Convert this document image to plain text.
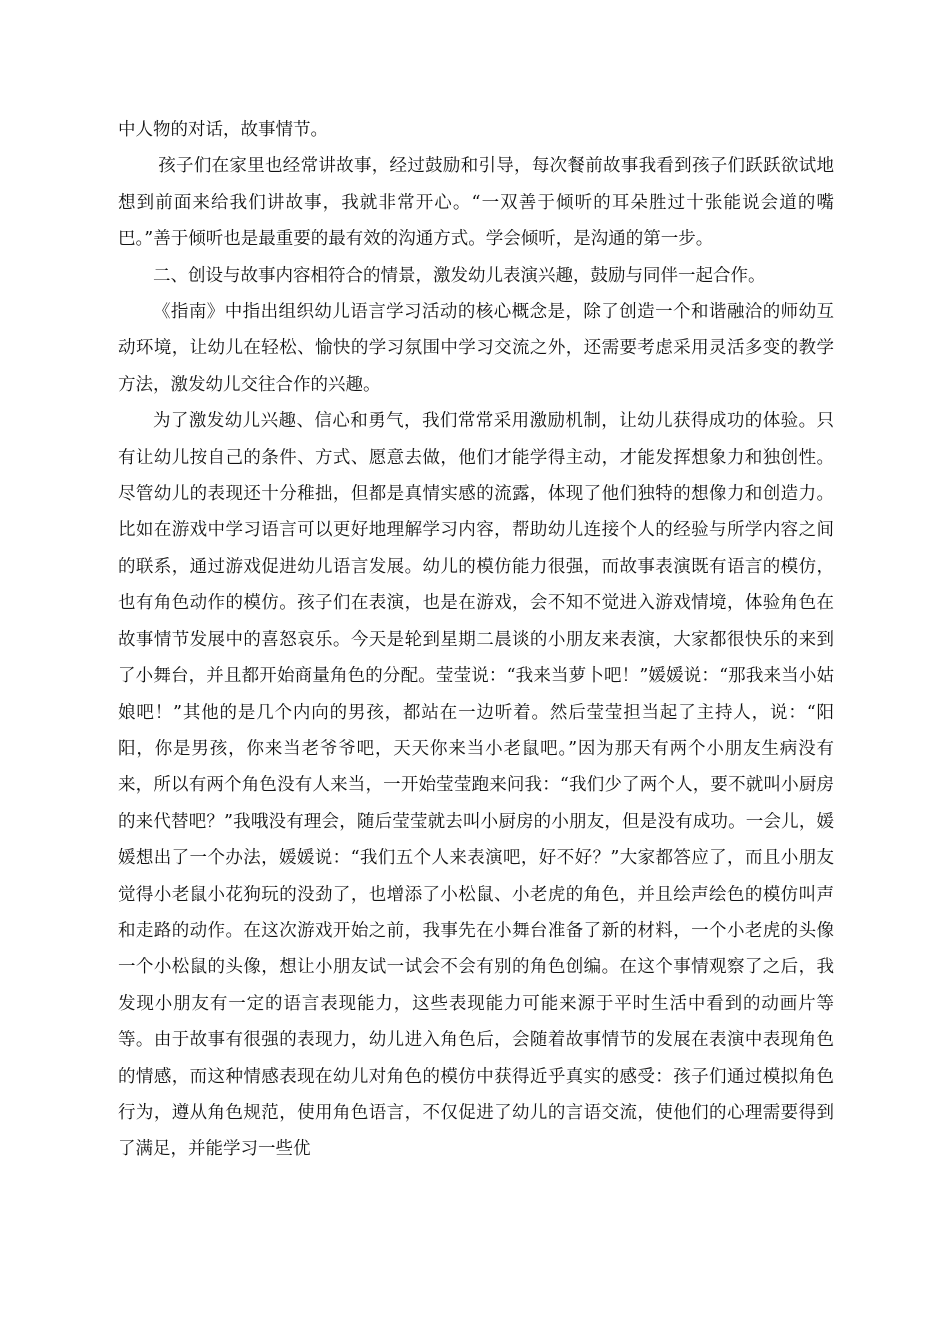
中人物的对话，故事情节。

孩子们在家里也经常讲故事，经过鼓励和引导，每次餐前故事我看到孩子们跃跃欲试地想到前面来给我们讲故事，我就非常开心。“一双善于倾听的耳朵胜过十张能说会道的嘴巴。”善于倾听也是最重要的最有效的沟通方式。学会倾听，是沟通的第一步。

二、创设与故事内容相符合的情景，激发幼儿表演兴趣，鼓励与同伴一起合作。

《指南》中指出组织幼儿语言学习活动的核心概念是，除了创造一个和谐融洽的师幼互动环境，让幼儿在轻松、愉快的学习氛围中学习交流之外，还需要考虑采用灵活多变的教学方法，激发幼儿交往合作的兴趣。

为了激发幼儿兴趣、信心和勇气，我们常常采用激励机制，让幼儿获得成功的体验。只有让幼儿按自己的条件、方式、愿意去做，他们才能学得主动，才能发挥想象力和独创性。尽管幼儿的表现还十分稚拙，但都是真情实感的流露，体现了他们独特的想像力和创造力。比如在游戏中学习语言可以更好地理解学习内容，帮助幼儿连接个人的经验与所学内容之间的联系，通过游戏促进幼儿语言发展。幼儿的模仿能力很强，而故事表演既有语言的模仿，也有角色动作的模仿。孩子们在表演，也是在游戏，会不知不觉进入游戏情境，体验角色在故事情节发展中的喜怒哀乐。今天是轮到星期二晨谈的小朋友来表演，大家都很快乐的来到了小舞台，并且都开始商量角色的分配。莹莹说：“我来当萝卜吧！”媛媛说：“那我来当小姑娘吧！”其他的是几个内向的男孩，都站在一边听着。然后莹莹担当起了主持人，说：“阳阳，你是男孩，你来当老爷爷吧，天天你来当小老鼠吧。”因为那天有两个小朋友生病没有来，所以有两个角色没有人来当，一开始莹莹跑来问我：“我们少了两个人，要不就叫小厨房的来代替吧？”我哦没有理会，随后莹莹就去叫小厨房的小朋友，但是没有成功。一会儿，媛媛想出了一个办法，媛媛说：“我们五个人来表演吧，好不好？”大家都答应了，而且小朋友觉得小老鼠小花狗玩的没劲了，也增添了小松鼠、小老虎的角色，并且绘声绘色的模仿叫声和走路的动作。在这次游戏开始之前，我事先在小舞台准备了新的材料，一个小老虎的头像一个小松鼠的头像，想让小朋友试一试会不会有别的角色创编。在这个事情观察了之后，我发现小朋友有一定的语言表现能力，这些表现能力可能来源于平时生活中看到的动画片等等。由于故事有很强的表现力，幼儿进入角色后，会随着故事情节的发展在表演中表现角色的情感，而这种情感表现在幼儿对角色的模仿中获得近乎真实的感受：孩子们通过模拟角色行为，遵从角色规范，使用角色语言，不仅促进了幼儿的言语交流，使他们的心理需要得到了满足，并能学习一些优
